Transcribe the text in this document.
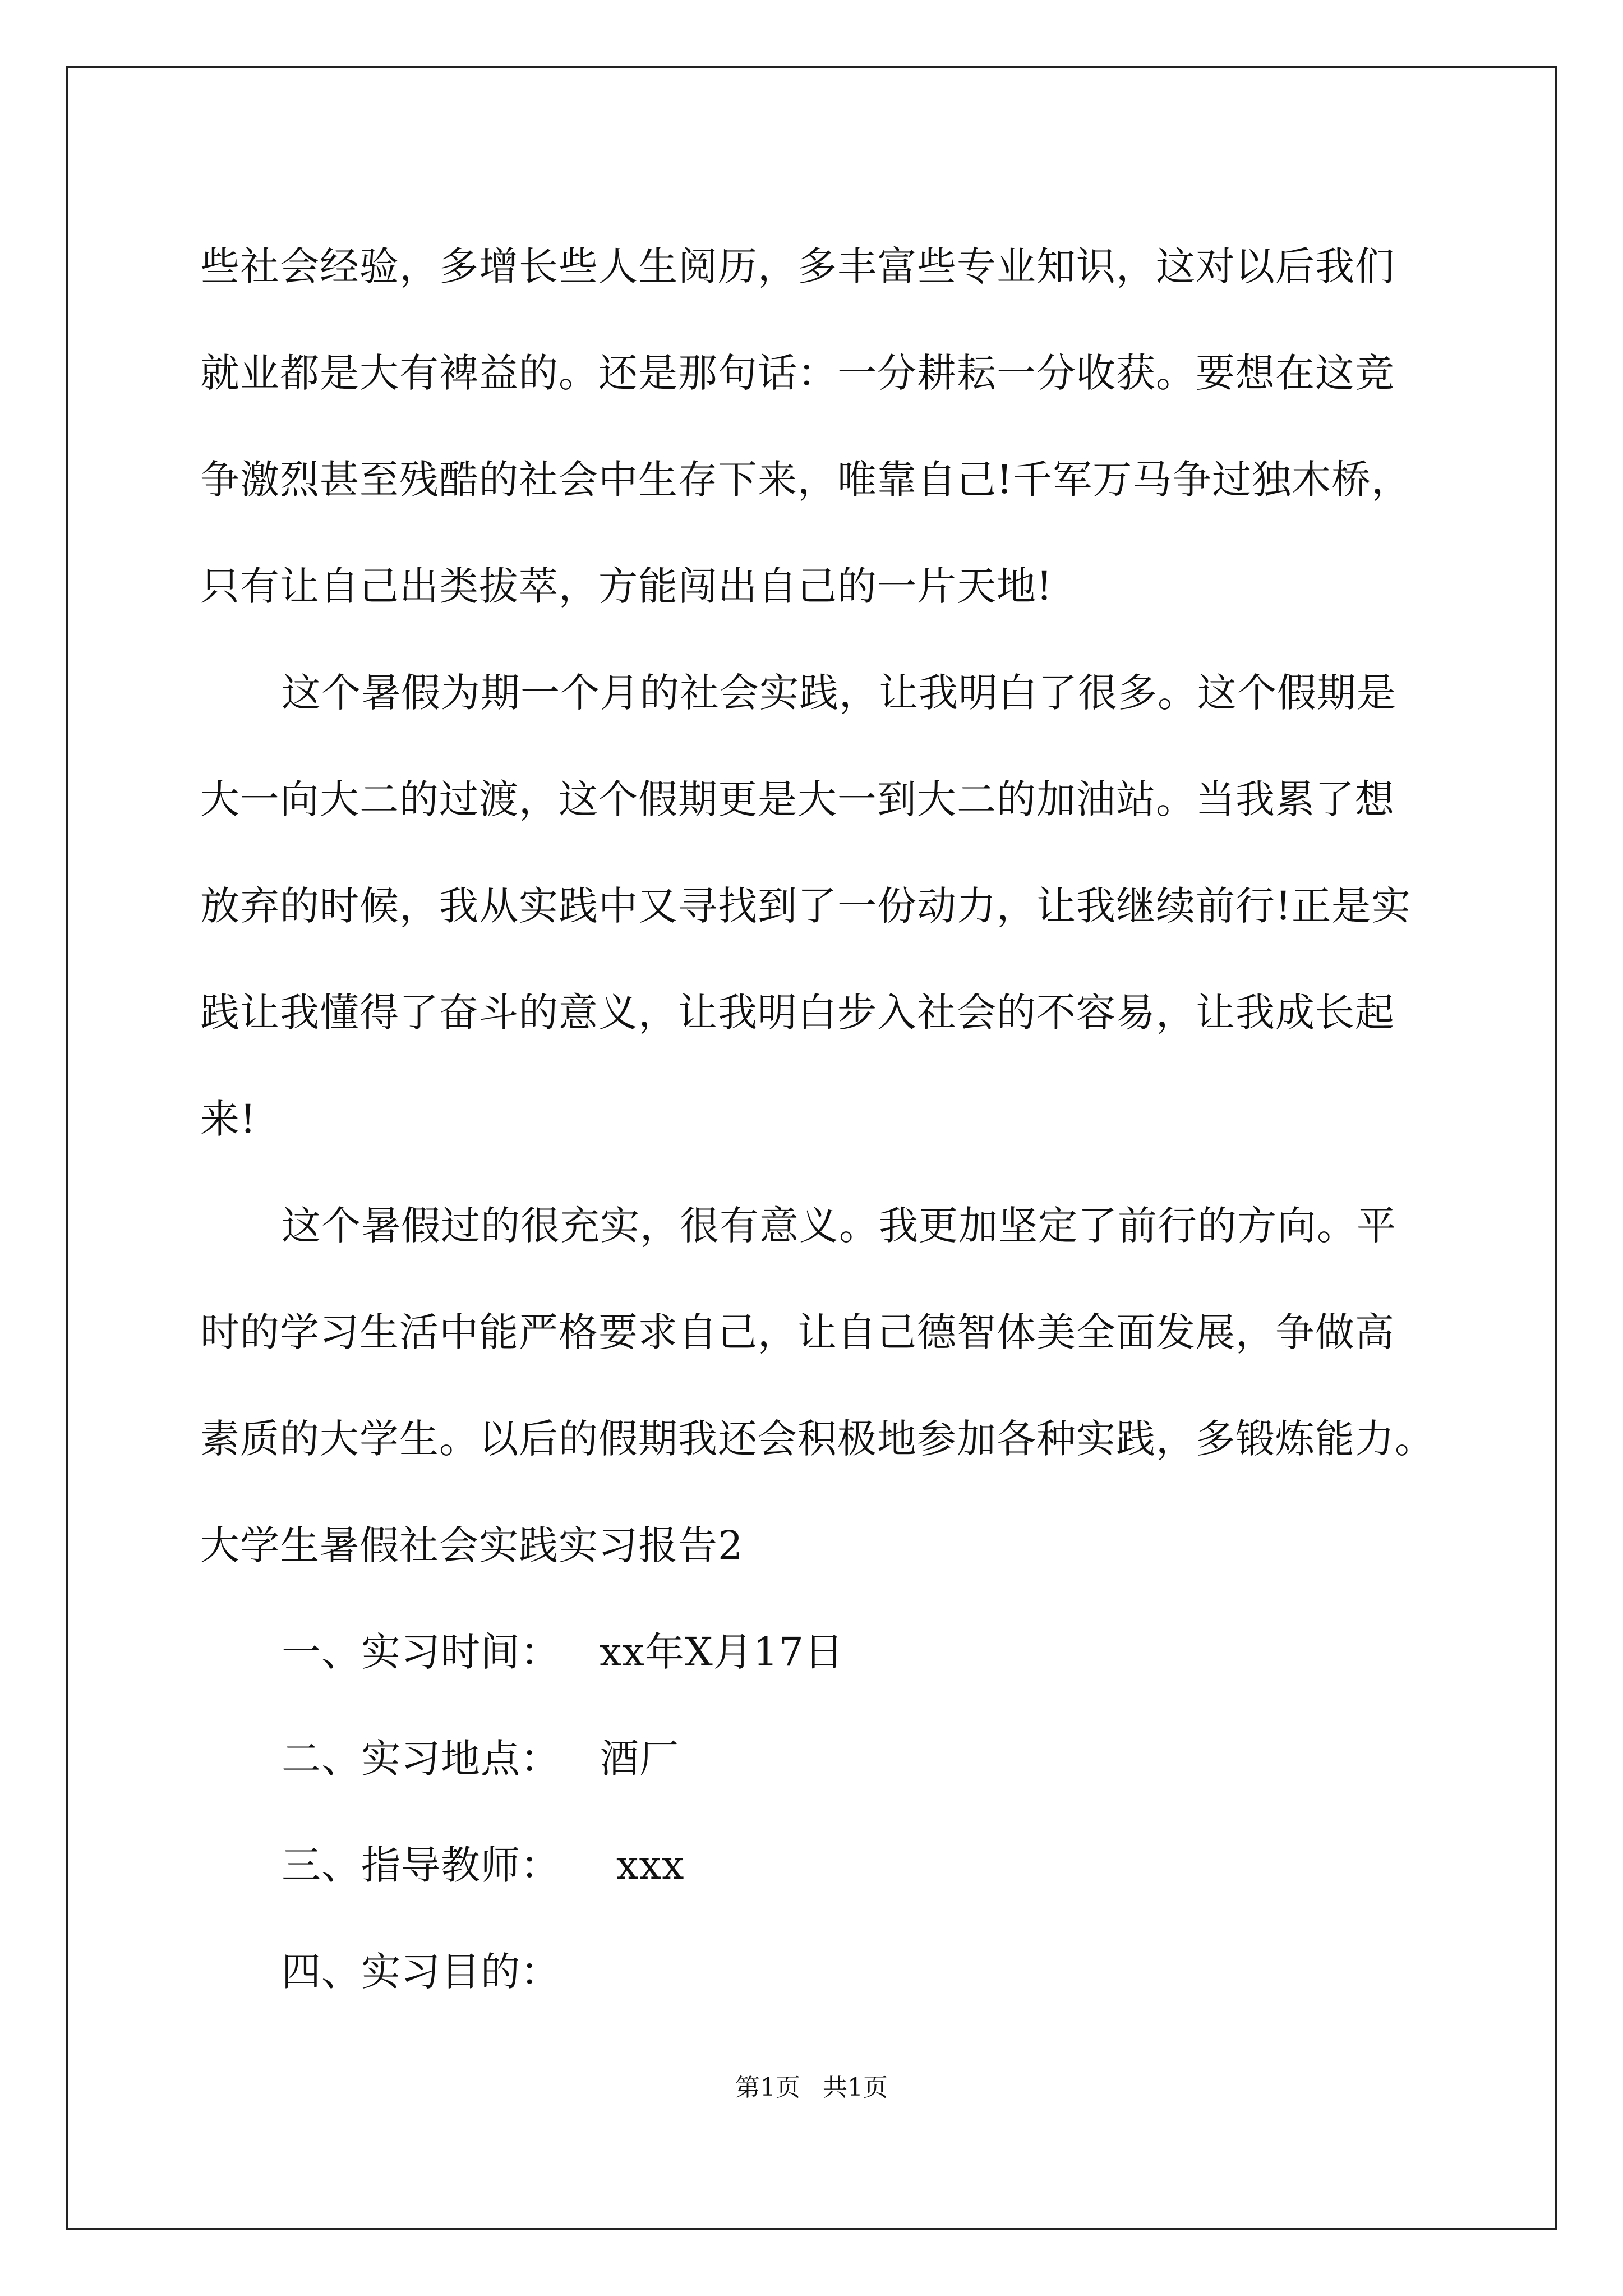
些社会经验，多增长些人生阅历，多丰富些专业知识，这对以后我们
就业都是大有裨益的。还是那句话：一分耕耘一分收获。要想在这竞
争激烈甚至残酷的社会中生存下来，唯靠自己!千军万马争过独木桥，
只有让自己出类拔萃，方能闯出自己的一片天地!
这个暑假为期一个月的社会实践，让我明白了很多。这个假期是
大一向大二的过渡，这个假期更是大一到大二的加油站。当我累了想
放弃的时候，我从实践中又寻找到了一份动力，让我继续前行!正是实
践让我懂得了奋斗的意义，让我明白步入社会的不容易，让我成长起
来!
这个暑假过的很充实，很有意义。我更加坚定了前行的方向。平
时的学习生活中能严格要求自己，让自己德智体美全面发展，争做高
素质的大学生。以后的假期我还会积极地参加各种实践，多锻炼能力。
大学生暑假社会实践实习报告2
一、实习时间： xx年X月17日
二、实习地点： 酒厂
三、指导教师： xxx
四、实习目的：
第1页 共1页
